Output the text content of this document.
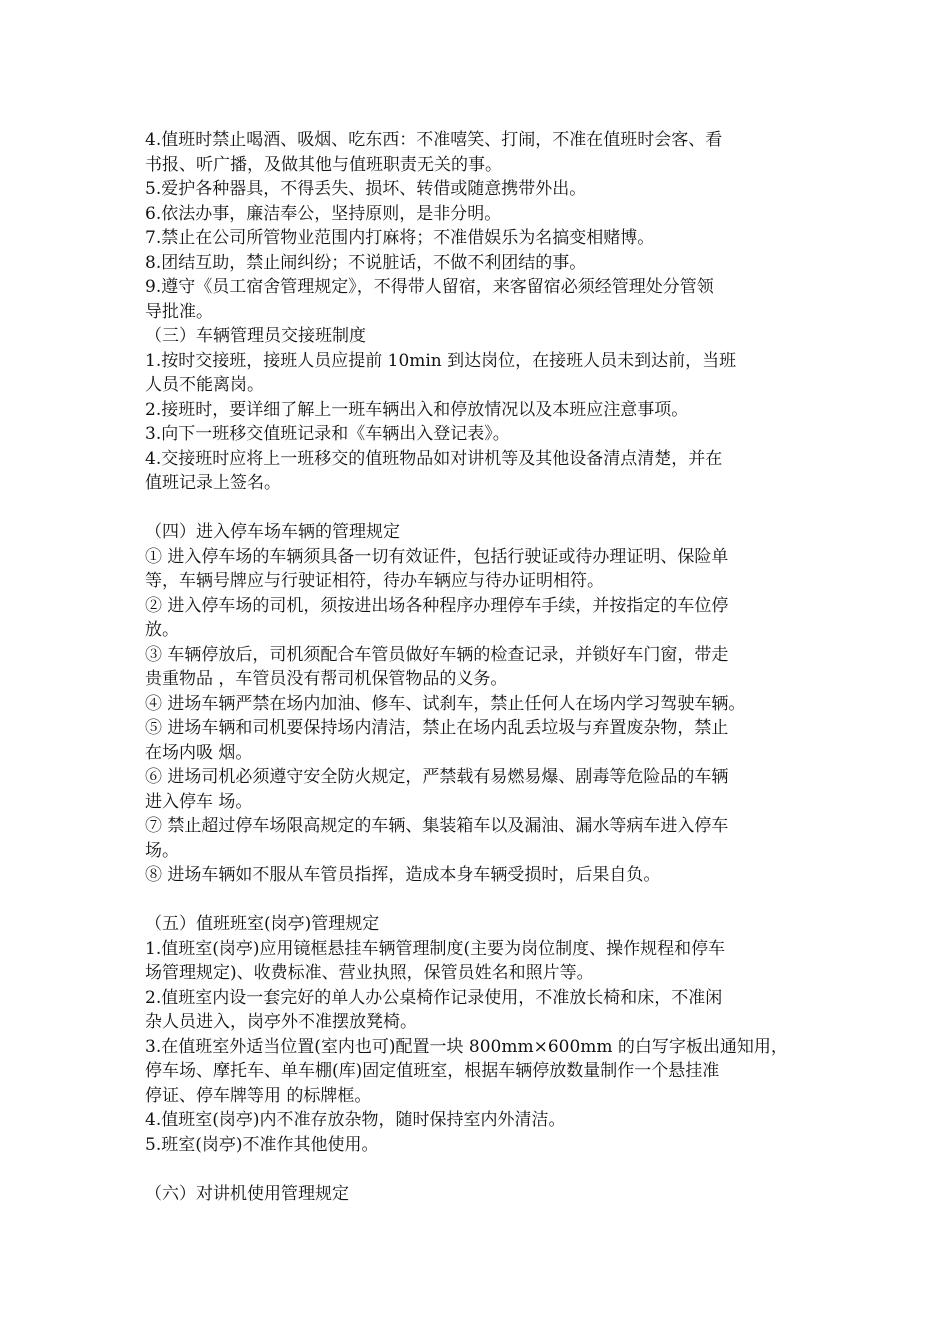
4.值班时禁止喝酒、吸烟、吃东西：不准嘻笑、打闹，不准在值班时会客、看
书报、听广播，及做其他与值班职责无关的事。
5.爱护各种器具，不得丢失、损坏、转借或随意携带外出。
6.依法办事，廉洁奉公，坚持原则，是非分明。
7.禁止在公司所管物业范围内打麻将；不准借娱乐为名搞变相赌博。
8.团结互助，禁止闹纠纷；不说脏话，不做不利团结的事。
9.遵守《员工宿舍管理规定》，不得带人留宿，来客留宿必须经管理处分管领
导批准。
（三）车辆管理员交接班制度
1.按时交接班，接班人员应提前 10min 到达岗位，在接班人员未到达前，当班
人员不能离岗。
2.接班时，要详细了解上一班车辆出入和停放情况以及本班应注意事项。
3.向下一班移交值班记录和《车辆出入登记表》。
4.交接班时应将上一班移交的值班物品如对讲机等及其他设备清点清楚，并在
值班记录上签名。
（四）进入停车场车辆的管理规定
① 进入停车场的车辆须具备一切有效证件，包括行驶证或待办理证明、保险单
等，车辆号牌应与行驶证相符，待办车辆应与待办证明相符。
② 进入停车场的司机，须按进出场各种程序办理停车手续，并按指定的车位停
放。
③ 车辆停放后，司机须配合车管员做好车辆的检查记录，并锁好车门窗，带走
贵重物品 ，车管员没有帮司机保管物品的义务。
④ 进场车辆严禁在场内加油、修车、试刹车，禁止任何人在场内学习驾驶车辆。
⑤ 进场车辆和司机要保持场内清洁，禁止在场内乱丢垃圾与弃置废杂物，禁止
在场内吸 烟。
⑥ 进场司机必须遵守安全防火规定，严禁载有易燃易爆、剧毒等危险品的车辆
进入停车 场。
⑦ 禁止超过停车场限高规定的车辆、集装箱车以及漏油、漏水等病车进入停车
场。
⑧ 进场车辆如不服从车管员指挥，造成本身车辆受损时，后果自负。
（五）值班班室(岗亭)管理规定
1.值班室(岗亭)应用镜框悬挂车辆管理制度(主要为岗位制度、操作规程和停车
场管理规定)、收费标准、营业执照，保管员姓名和照片等。
2.值班室内设一套完好的单人办公桌椅作记录使用，不准放长椅和床，不准闲
杂人员进入，岗亭外不准摆放凳椅。
3.在值班室外适当位置(室内也可)配置一块 800mm×600mm 的白写字板出通知用，
停车场、摩托车、单车棚(库)固定值班室，根据车辆停放数量制作一个悬挂准
停证、停车牌等用 的标牌框。
4.值班室(岗亭)内不准存放杂物，随时保持室内外清洁。
5.班室(岗亭)不准作其他使用。
（六）对讲机使用管理规定
